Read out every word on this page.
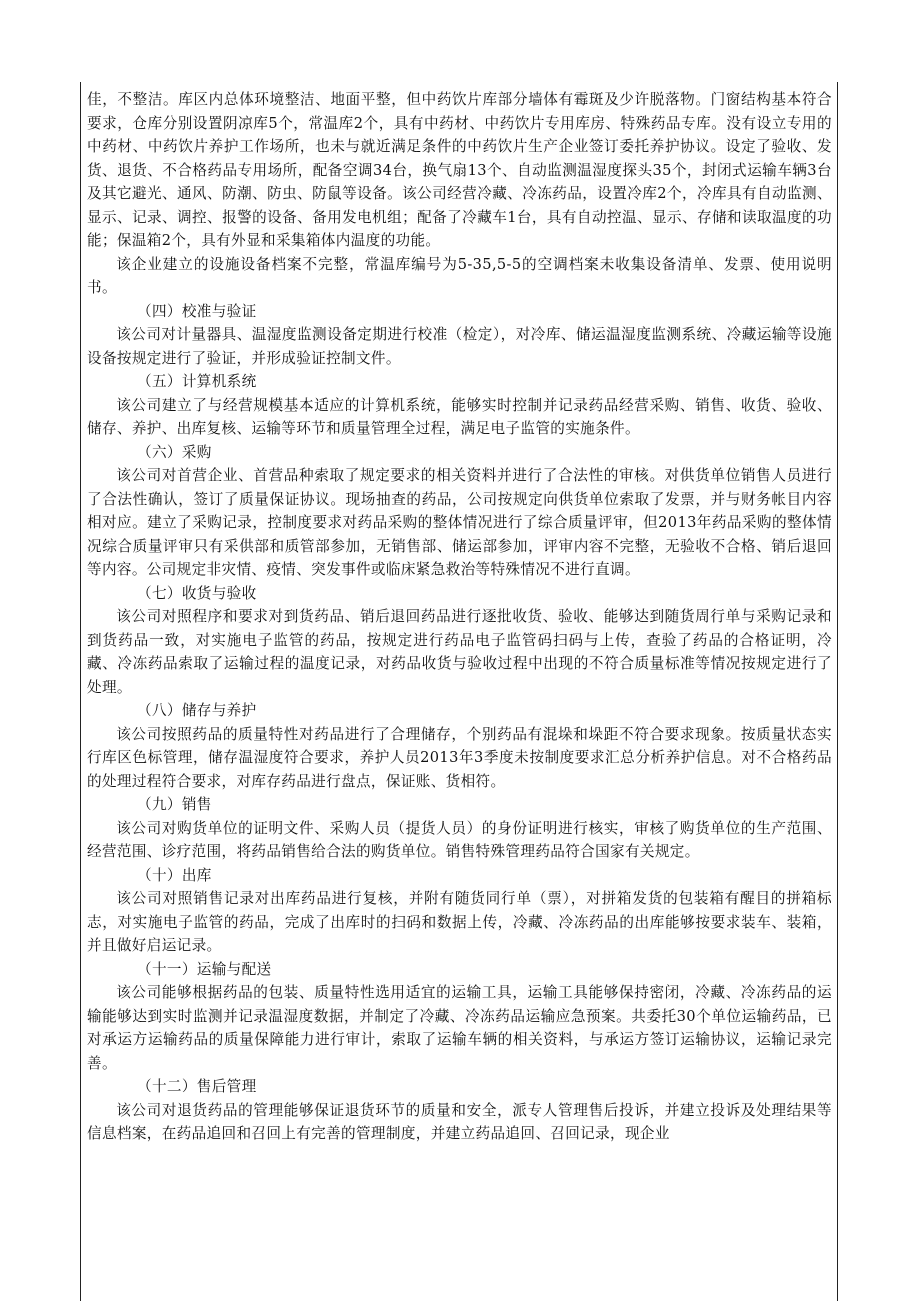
佳，不整洁。库区内总体环境整洁、地面平整，但中药饮片库部分墙体有霉斑及少许脱落物。门窗结构基本符合要求，仓库分别设置阴凉库5个，常温库2个，具有中药材、中药饮片专用库房、特殊药品专库。没有设立专用的中药材、中药饮片养护工作场所，也未与就近满足条件的中药饮片生产企业签订委托养护协议。设定了验收、发货、退货、不合格药品专用场所，配备空调34台，换气扇13个、自动监测温湿度探头35个，封闭式运输车辆3台及其它避光、通风、防潮、防虫、防鼠等设备。该公司经营冷藏、冷冻药品，设置冷库2个，冷库具有自动监测、显示、记录、调控、报警的设备、备用发电机组；配备了冷藏车1台，具有自动控温、显示、存储和读取温度的功能；保温箱2个，具有外显和采集箱体内温度的功能。

该企业建立的设施设备档案不完整，常温库编号为5-35,5-5的空调档案未收集设备清单、发票、使用说明书。

（四）校准与验证

该公司对计量器具、温湿度监测设备定期进行校准（检定），对冷库、储运温湿度监测系统、冷藏运输等设施设备按规定进行了验证，并形成验证控制文件。

（五）计算机系统

该公司建立了与经营规模基本适应的计算机系统，能够实时控制并记录药品经营采购、销售、收货、验收、储存、养护、出库复核、运输等环节和质量管理全过程，满足电子监管的实施条件。

（六）采购

该公司对首营企业、首营品种索取了规定要求的相关资料并进行了合法性的审核。对供货单位销售人员进行了合法性确认，签订了质量保证协议。现场抽查的药品，公司按规定向供货单位索取了发票，并与财务帐目内容相对应。建立了采购记录，控制度要求对药品采购的整体情况进行了综合质量评审，但2013年药品采购的整体情况综合质量评审只有采供部和质管部参加，无销售部、储运部参加，评审内容不完整，无验收不合格、销后退回等内容。公司规定非灾情、疫情、突发事件或临床紧急救治等特殊情况不进行直调。

（七）收货与验收

该公司对照程序和要求对到货药品、销后退回药品进行逐批收货、验收、能够达到随货周行单与采购记录和到货药品一致，对实施电子监管的药品，按规定进行药品电子监管码扫码与上传，查验了药品的合格证明，冷藏、冷冻药品索取了运输过程的温度记录，对药品收货与验收过程中出现的不符合质量标准等情况按规定进行了处理。

（八）储存与养护

该公司按照药品的质量特性对药品进行了合理储存，个别药品有混垛和垛距不符合要求现象。按质量状态实行库区色标管理，储存温湿度符合要求，养护人员2013年3季度未按制度要求汇总分析养护信息。对不合格药品的处理过程符合要求，对库存药品进行盘点，保证账、货相符。

（九）销售

该公司对购货单位的证明文件、采购人员（提货人员）的身份证明进行核实，审核了购货单位的生产范围、经营范围、诊疗范围，将药品销售给合法的购货单位。销售特殊管理药品符合国家有关规定。

（十）出库

该公司对照销售记录对出库药品进行复核，并附有随货同行单（票），对拼箱发货的包装箱有醒目的拼箱标志，对实施电子监管的药品，完成了出库时的扫码和数据上传，冷藏、冷冻药品的出库能够按要求装车、装箱，并且做好启运记录。

（十一）运输与配送

该公司能够根据药品的包装、质量特性选用适宜的运输工具，运输工具能够保持密闭，冷藏、冷冻药品的运输能够达到实时监测并记录温湿度数据，并制定了冷藏、冷冻药品运输应急预案。共委托30个单位运输药品，已对承运方运输药品的质量保障能力进行审计，索取了运输车辆的相关资料，与承运方签订运输协议，运输记录完善。

（十二）售后管理

该公司对退货药品的管理能够保证退货环节的质量和安全，派专人管理售后投诉，并建立投诉及处理结果等信息档案，在药品追回和召回上有完善的管理制度，并建立药品追回、召回记录，现企业
